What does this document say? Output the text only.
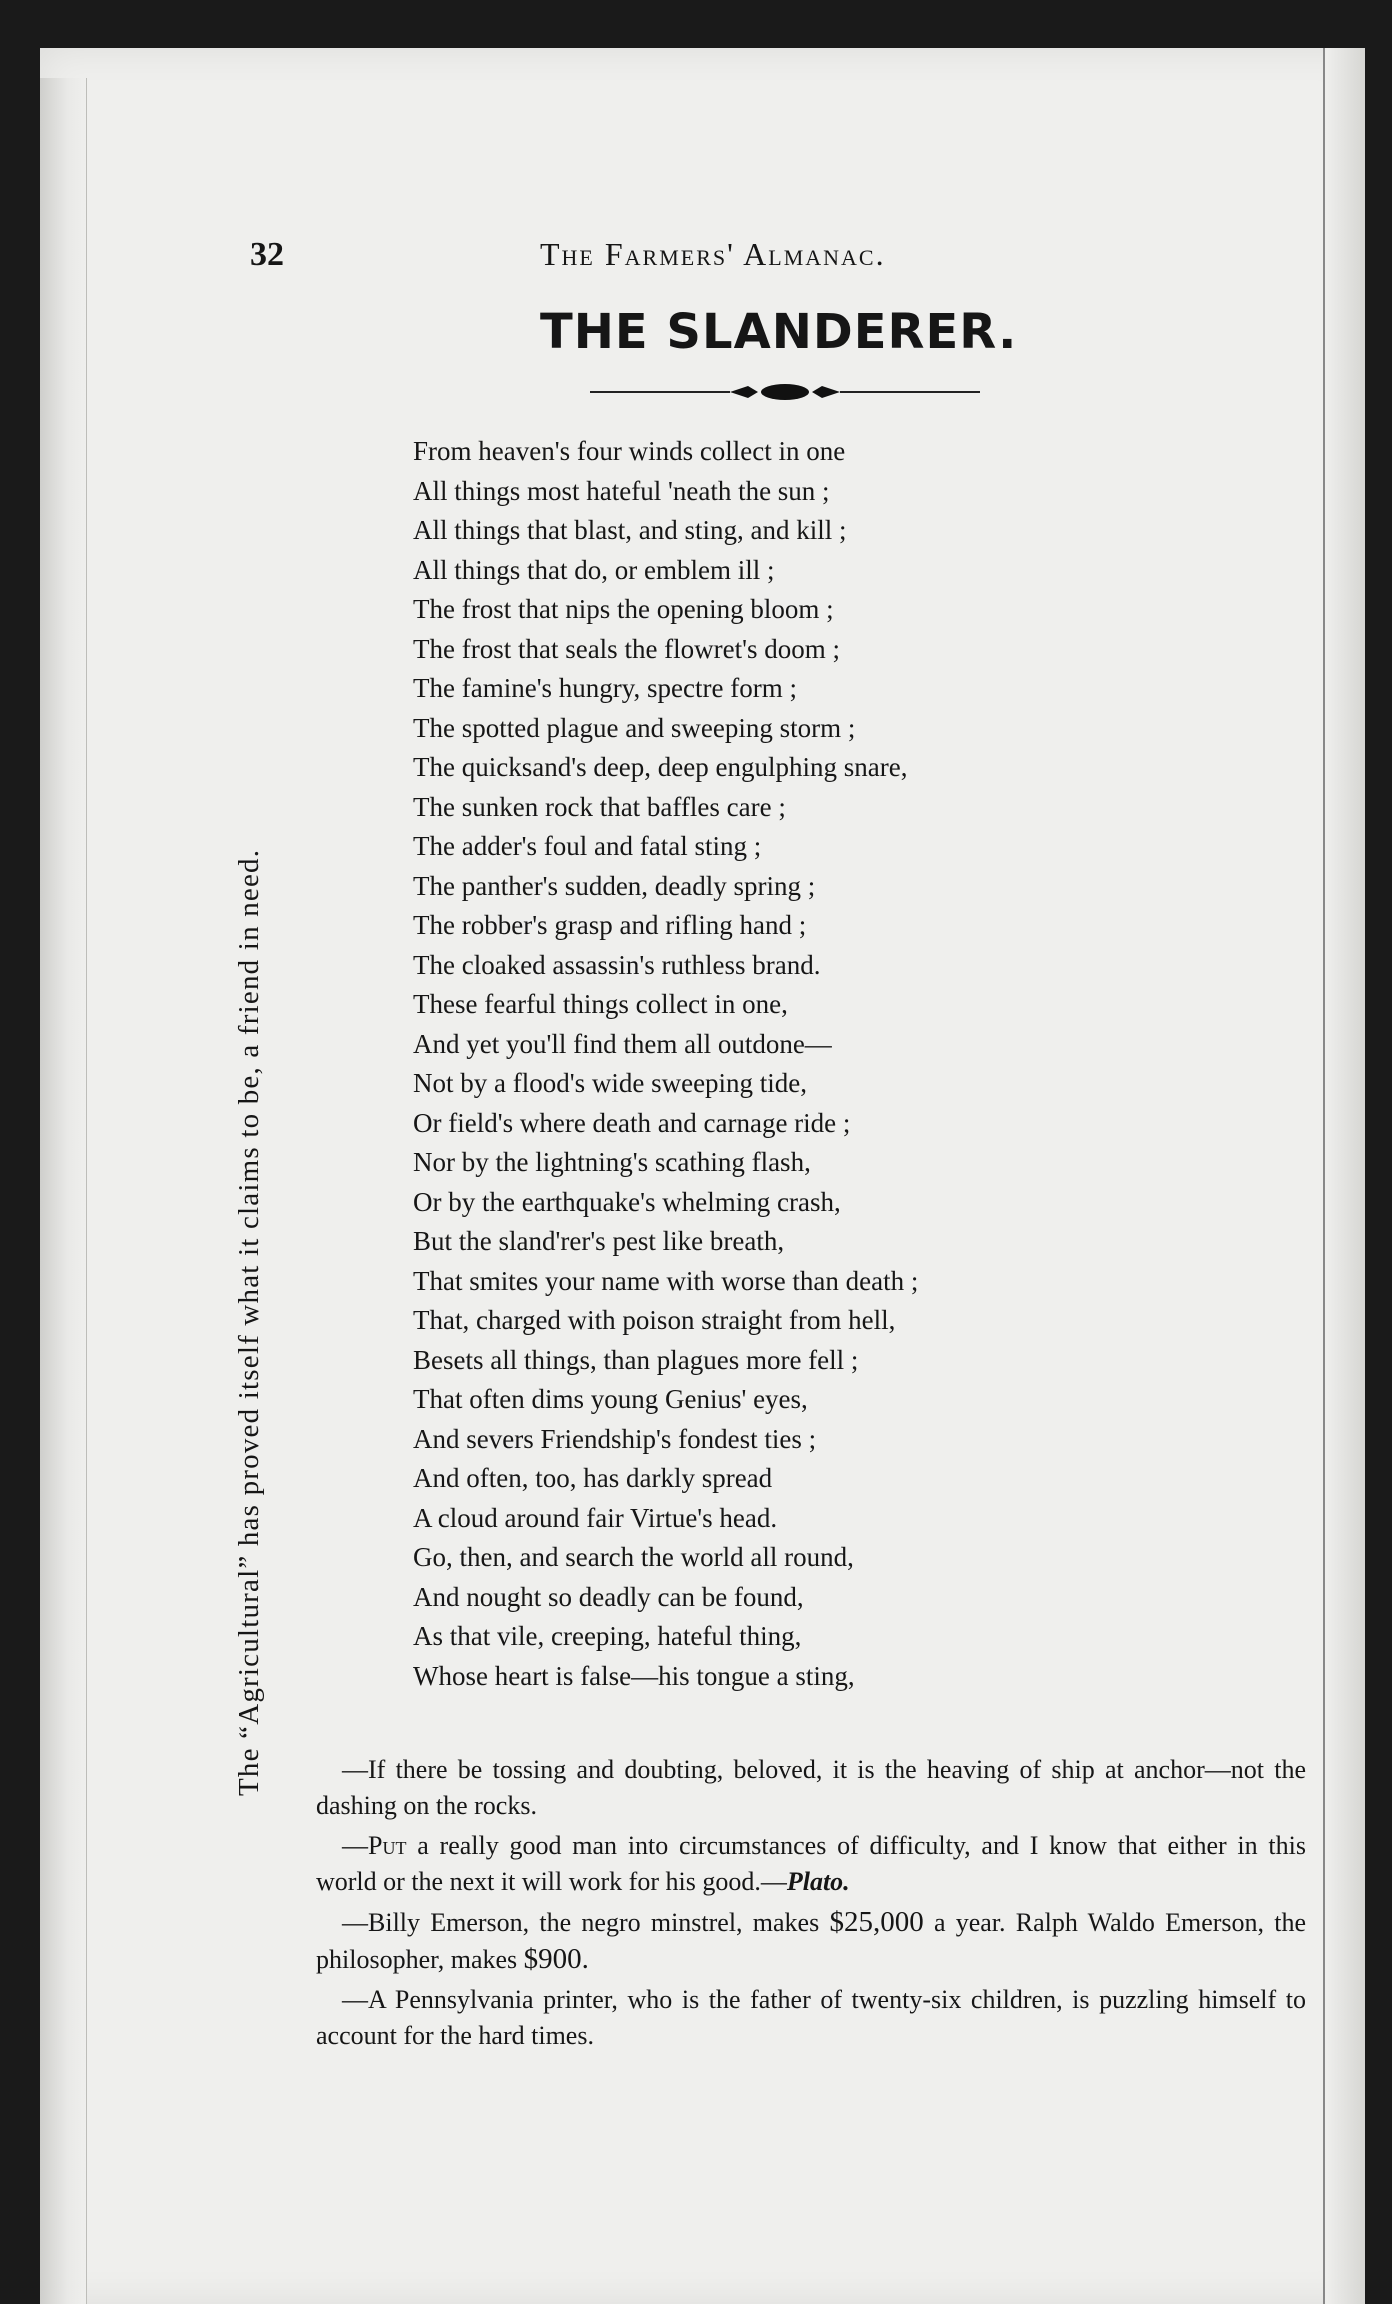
32	The Farmers' Almanac.
THE SLANDERER.
From heaven's four winds collect in one
All things most hateful 'neath the sun ;
All things that blast, and sting, and kill ;
All things that do, or emblem ill ;
The frost that nips the opening bloom ;
The frost that seals the flowret's doom ;
The famine's hungry, spectre form ;
The spotted plague and sweeping storm ;
The quicksand's deep, deep engulphing snare,
The sunken rock that baffles care ;
The adder's foul and fatal sting ;
The panther's sudden, deadly spring ;
The robber's grasp and rifling hand ;
The cloaked assassin's ruthless brand.
These fearful things collect in one,
And yet you'll find them all outdone—
Not by a flood's wide sweeping tide,
Or field's where death and carnage ride ;
Nor by the lightning's scathing flash,
Or by the earthquake's whelming crash,
But the sland'rer's pest like breath,
That smites your name with worse than death ;
That, charged with poison straight from hell,
Besets all things, than plagues more fell ;
That often dims young Genius' eyes,
And severs Friendship's fondest ties ;
And often, too, has darkly spread
A cloud around fair Virtue's head.
Go, then, and search the world all round,
And nought so deadly can be found,
As that vile, creeping, hateful thing,
Whose heart is false—his tongue a sting,
The “Agricultural” has proved itself what it claims to be, a friend in need.	—If there be tossing and doubting, beloved, it is the heaving of ship at anchor—not the dashing on the rocks.

—Put a really good man into circumstances of difficulty, and I know that either in this world or the next it will work for his good.—Plato.

—Billy Emerson, the negro minstrel, makes $25,000 a year. Ralph Waldo Emerson, the philosopher, makes $900.

—A Pennsylvania printer, who is the father of twenty-six children, is puzzling himself to account for the hard times.
